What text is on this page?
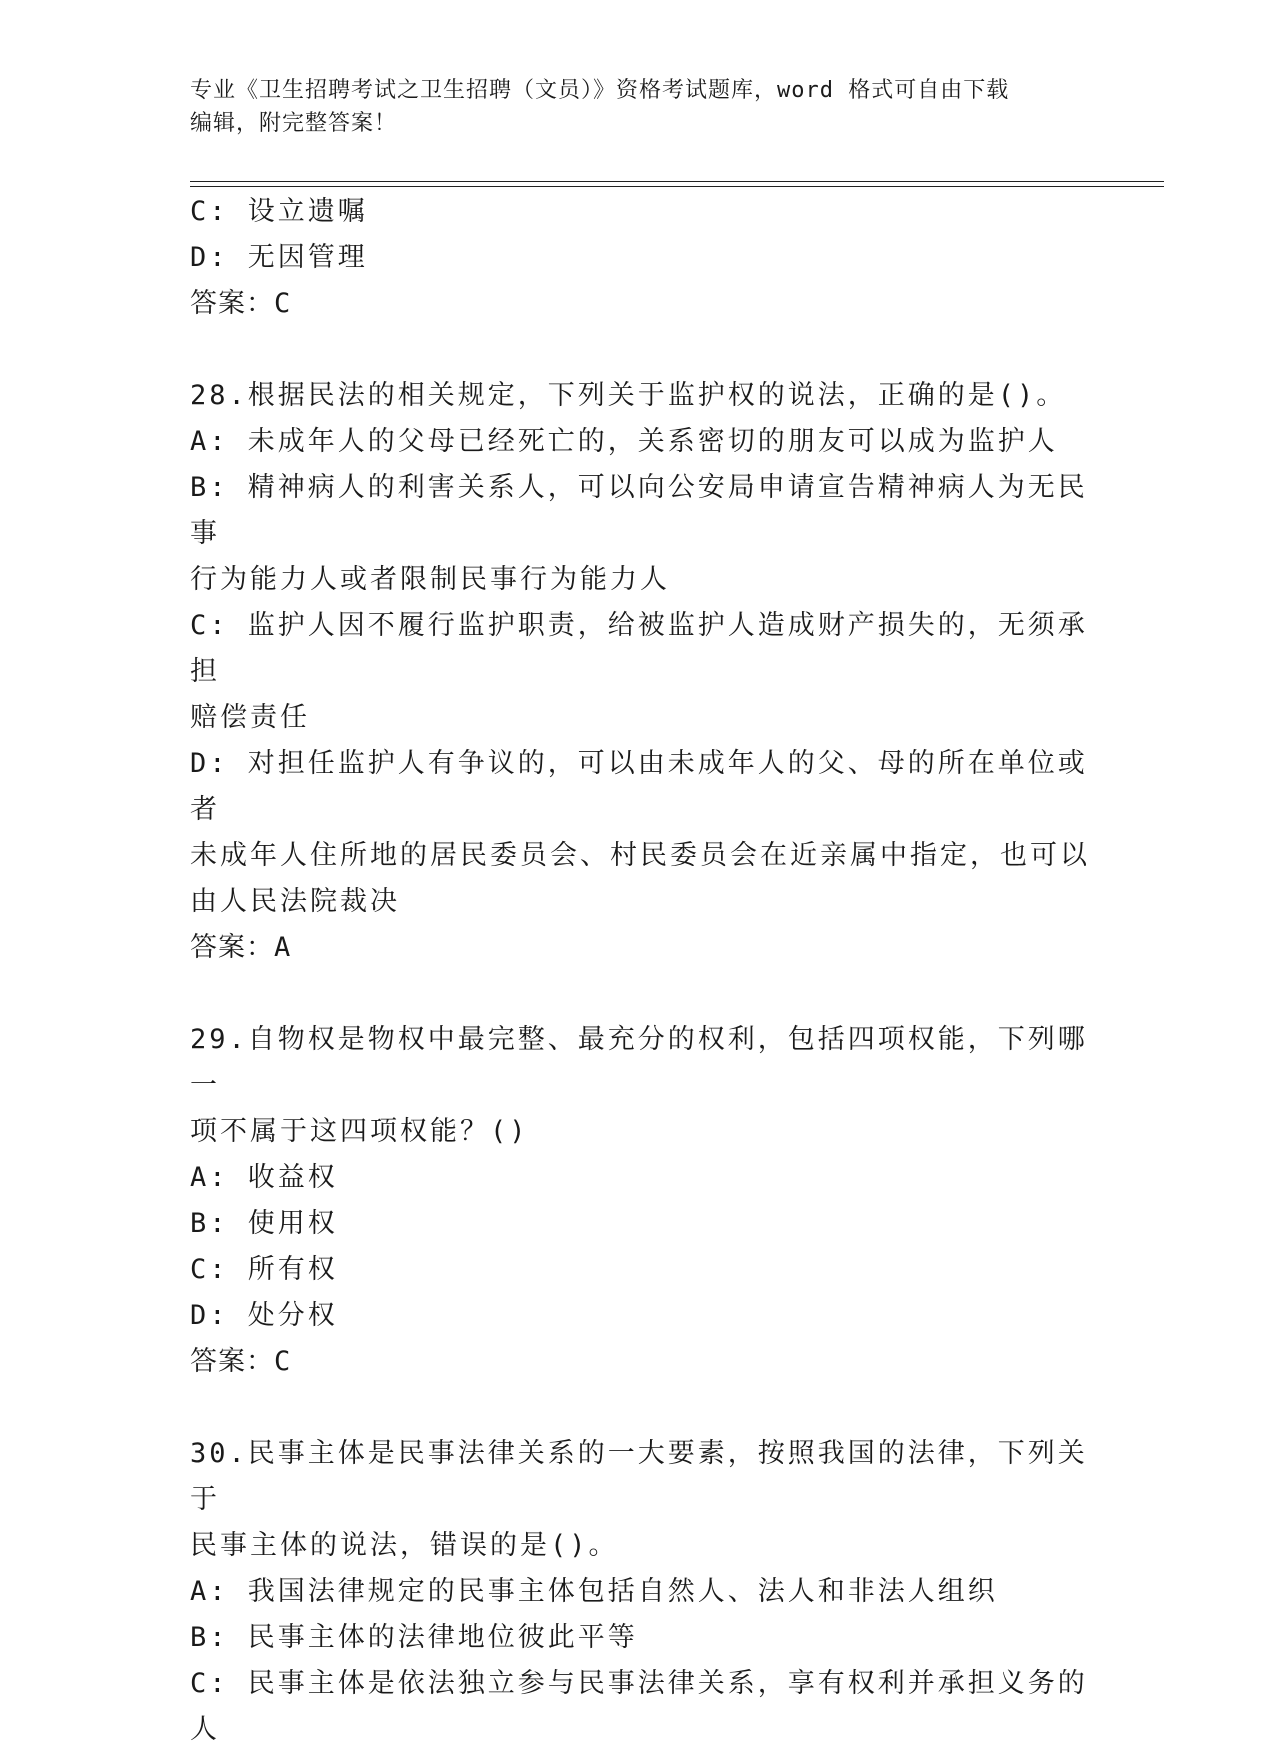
专业《卫生招聘考试之卫生招聘（文员）》资格考试题库，word 格式可自由下载
编辑，附完整答案！
C: 设立遗嘱
D: 无因管理
答案：C
28.根据民法的相关规定，下列关于监护权的说法，正确的是()。
A: 未成年人的父母已经死亡的，关系密切的朋友可以成为监护人
B: 精神病人的利害关系人，可以向公安局申请宣告精神病人为无民事
行为能力人或者限制民事行为能力人
C: 监护人因不履行监护职责，给被监护人造成财产损失的，无须承担
赔偿责任
D: 对担任监护人有争议的，可以由未成年人的父、母的所在单位或者
未成年人住所地的居民委员会、村民委员会在近亲属中指定，也可以
由人民法院裁决
答案：A
29.自物权是物权中最完整、最充分的权利，包括四项权能，下列哪一
项不属于这四项权能？()
A: 收益权
B: 使用权
C: 所有权
D: 处分权
答案：C
30.民事主体是民事法律关系的一大要素，按照我国的法律，下列关于
民事主体的说法，错误的是()。
A: 我国法律规定的民事主体包括自然人、法人和非法人组织
B: 民事主体的法律地位彼此平等
C: 民事主体是依法独立参与民事法律关系，享有权利并承担义务的人
